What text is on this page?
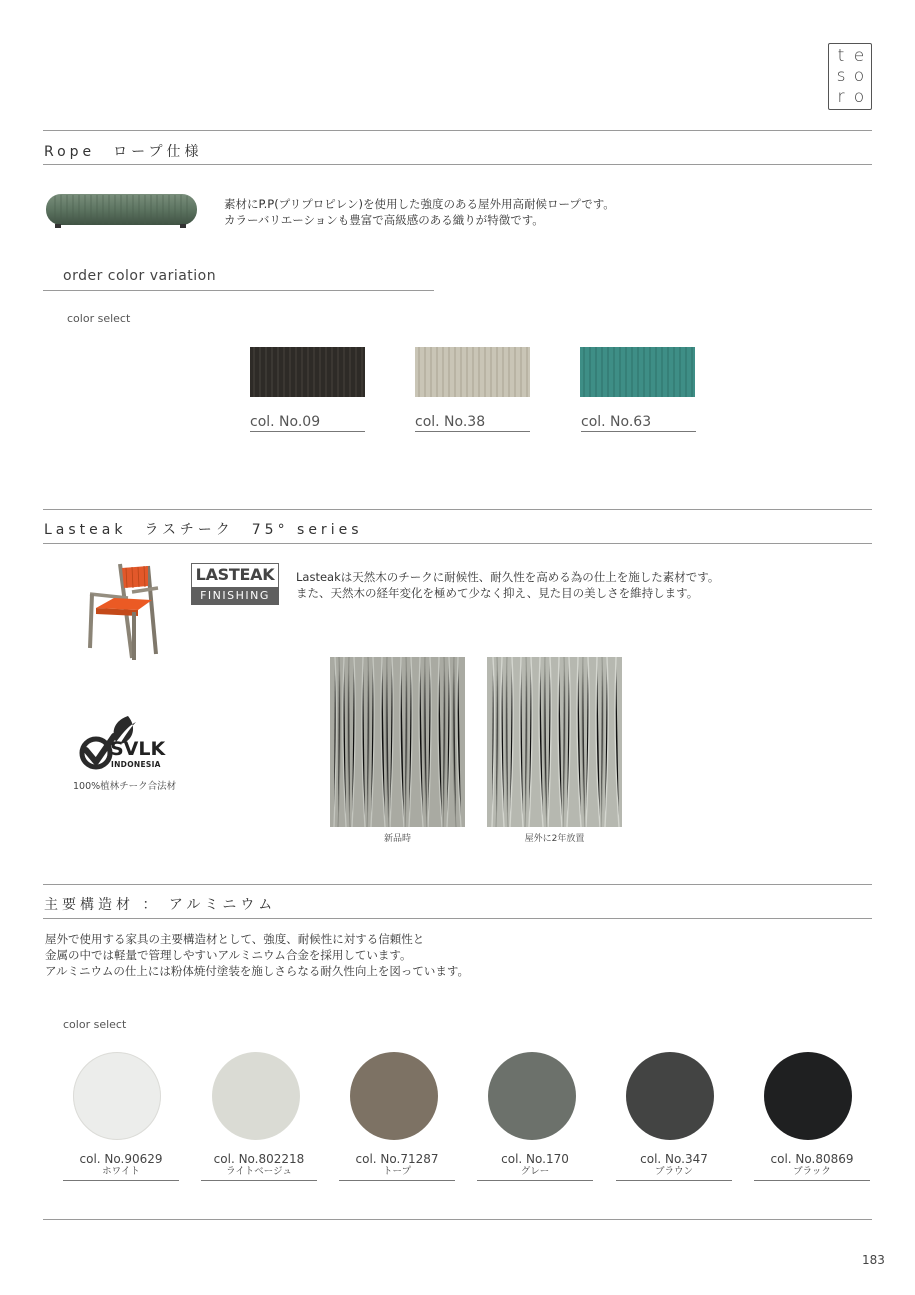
t e
s o
r o
Rope　ロープ仕様
素材にP.P(プリプロピレン)を使用した強度のある屋外用高耐候ロープです。
カラーバリエーションも豊富で高級感のある織りが特徴です。
order color variation
color select
col. No.09	col. No.38	col. No.63
Lasteak　ラスチーク　75° series
LASTEAK
FINISHING
Lasteakは天然木のチークに耐候性、耐久性を高める為の仕上を施した素材です。
また、天然木の経年変化を極めて少なく抑え、見た目の美しさを維持します。
SVLK
INDONESIA
100%植林チーク合法材
新品時	屋外に2年放置
主要構造材 ： アルミニウム
屋外で使用する家具の主要構造材として、強度、耐候性に対する信頼性と
金属の中では軽量で管理しやすいアルミニウム合金を採用しています。
アルミニウムの仕上には粉体焼付塗装を施しさらなる耐久性向上を図っています。
color select
col. No.90629
ホワイト
col. No.802218
ライトベージュ
col. No.71287
トープ
col. No.170
グレー
col. No.347
ブラウン
col. No.80869
ブラック
183
